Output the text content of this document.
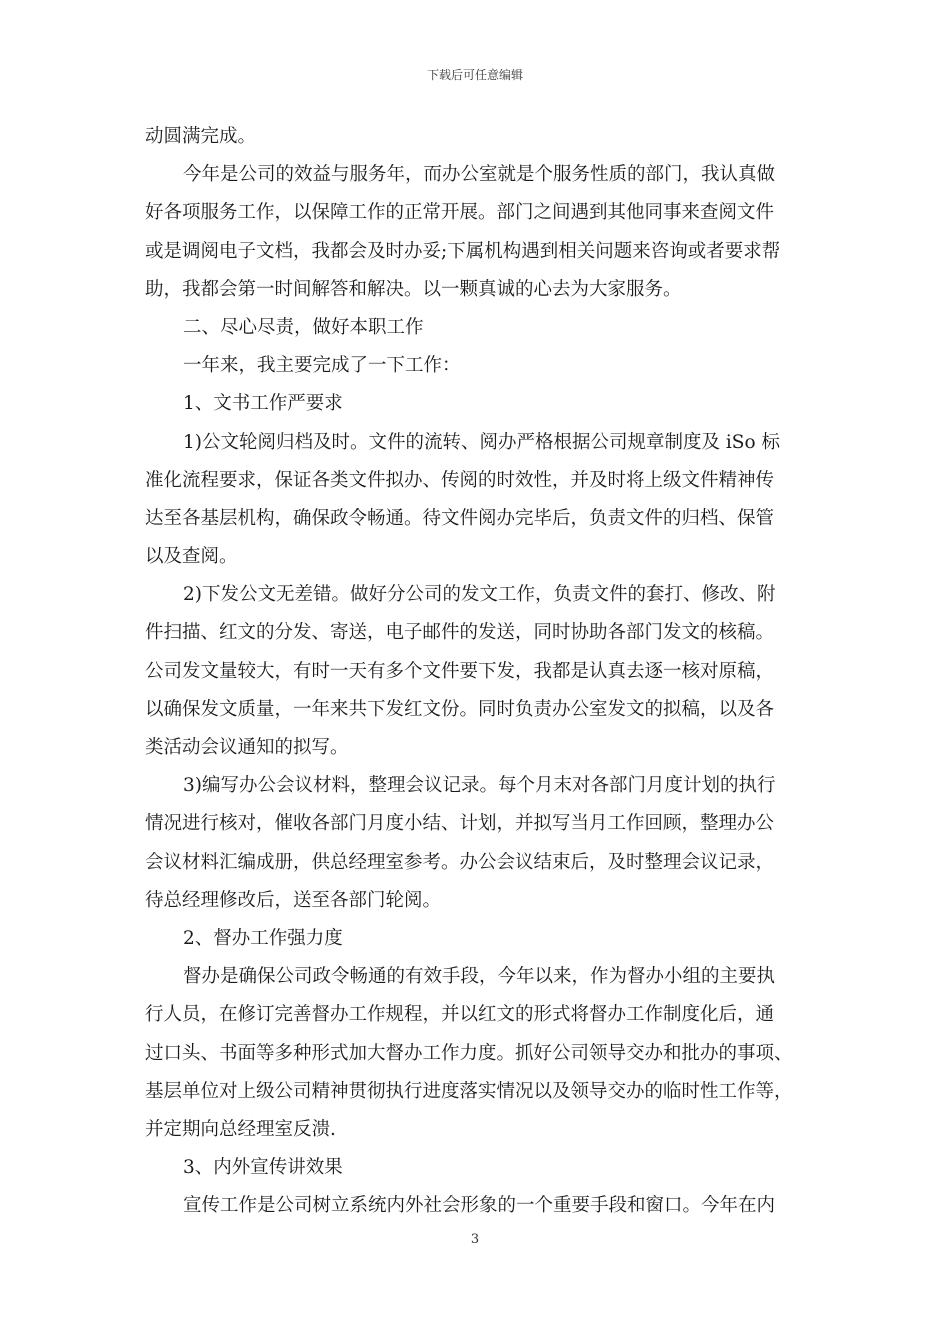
下载后可任意编辑
动圆满完成。
今年是公司的效益与服务年，而办公室就是个服务性质的部门，我认真做
好各项服务工作，以保障工作的正常开展。部门之间遇到其他同事来查阅文件
或是调阅电子文档，我都会及时办妥;下属机构遇到相关问题来咨询或者要求帮
助，我都会第一时间解答和解决。以一颗真诚的心去为大家服务。
二、尽心尽责，做好本职工作
一年来，我主要完成了一下工作：
1、文书工作严要求
1)公文轮阅归档及时。文件的流转、阅办严格根据公司规章制度及 iSo 标
准化流程要求，保证各类文件拟办、传阅的时效性，并及时将上级文件精神传
达至各基层机构，确保政令畅通。待文件阅办完毕后，负责文件的归档、保管
以及查阅。
2)下发公文无差错。做好分公司的发文工作，负责文件的套打、修改、附
件扫描、红文的分发、寄送，电子邮件的发送，同时协助各部门发文的核稿。
公司发文量较大，有时一天有多个文件要下发，我都是认真去逐一核对原稿，
以确保发文质量，一年来共下发红文份。同时负责办公室发文的拟稿，以及各
类活动会议通知的拟写。
3)编写办公会议材料，整理会议记录。每个月末对各部门月度计划的执行
情况进行核对，催收各部门月度小结、计划，并拟写当月工作回顾，整理办公
会议材料汇编成册，供总经理室参考。办公会议结束后，及时整理会议记录，
待总经理修改后，送至各部门轮阅。
2、督办工作强力度
督办是确保公司政令畅通的有效手段，今年以来，作为督办小组的主要执
行人员，在修订完善督办工作规程，并以红文的形式将督办工作制度化后，通
过口头、书面等多种形式加大督办工作力度。抓好公司领导交办和批办的事项、
基层单位对上级公司精神贯彻执行进度落实情况以及领导交办的临时性工作等，
并定期向总经理室反溃.
3、内外宣传讲效果
宣传工作是公司树立系统内外社会形象的一个重要手段和窗口。今年在内
3
